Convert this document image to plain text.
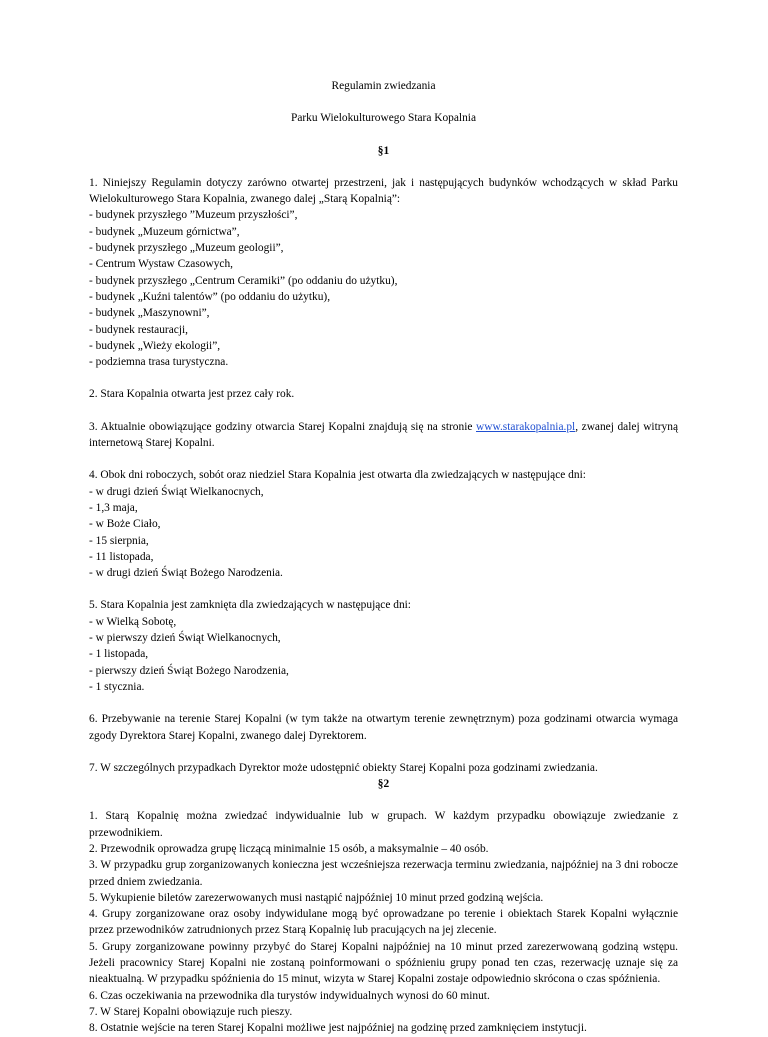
Regulamin zwiedzania
Parku Wielokulturowego Stara Kopalnia
§1

1. Niniejszy Regulamin dotyczy zarówno otwartej przestrzeni, jak i następujących budynków wchodzących w skład Parku Wielokulturowego Stara Kopalnia, zwanego dalej „Starą Kopalnią”:
- budynek przyszłego ”Muzeum przyszłości”,
- budynek „Muzeum górnictwa”,
- budynek przyszłego „Muzeum geologii”,
- Centrum Wystaw Czasowych,
- budynek przyszłego „Centrum Ceramiki” (po oddaniu do użytku),
- budynek „Kuźni talentów” (po oddaniu do użytku),
- budynek „Maszynowni”,
- budynek restauracji,
- budynek „Wieży ekologii”,
- podziemna trasa turystyczna.

2. Stara Kopalnia otwarta jest przez cały rok.

3. Aktualnie obowiązujące godziny otwarcia Starej Kopalni znajdują się na stronie www.starakopalnia.pl, zwanej dalej witryną internetową Starej Kopalni.

4. Obok dni roboczych, sobót oraz niedziel Stara Kopalnia jest otwarta dla zwiedzających w następujące dni:
- w drugi dzień Świąt Wielkanocnych,
- 1,3 maja,
- w Boże Ciało,
- 15 sierpnia,
- 11 listopada,
- w drugi dzień Świąt Bożego Narodzenia.

5. Stara Kopalnia jest zamknięta dla zwiedzających w następujące dni:
- w Wielką Sobotę,
- w pierwszy dzień Świąt Wielkanocnych,
- 1 listopada,
- pierwszy dzień Świąt Bożego Narodzenia,
- 1 stycznia.

6. Przebywanie na terenie Starej Kopalni (w tym także na otwartym terenie zewnętrznym) poza godzinami otwarcia wymaga zgody Dyrektora Starej Kopalni, zwanego dalej Dyrektorem.

7. W szczególnych przypadkach Dyrektor może udostępnić obiekty Starej Kopalni poza godzinami zwiedzania.

§2

1. Starą Kopalnię można zwiedzać indywidualnie lub w grupach. W każdym przypadku obowiązuje zwiedzanie z przewodnikiem.

2. Przewodnik oprowadza grupę liczącą minimalnie 15 osób, a maksymalnie – 40 osób.

3. W przypadku grup zorganizowanych konieczna jest wcześniejsza rezerwacja terminu zwiedzania, najpóźniej na 3 dni robocze przed dniem zwiedzania.

5. Wykupienie biletów zarezerwowanych musi nastąpić najpóźniej 10 minut przed godziną wejścia.

4. Grupy zorganizowane oraz osoby indywidulane mogą być oprowadzane po terenie i obiektach Starek Kopalni wyłącznie przez przewodników zatrudnionych przez Starą Kopalnię lub pracujących na jej zlecenie.

5. Grupy zorganizowane powinny przybyć do Starej Kopalni najpóźniej na 10 minut przed zarezerwowaną godziną wstępu. Jeżeli pracownicy Starej Kopalni nie zostaną poinformowani o spóźnieniu grupy ponad ten czas, rezerwację uznaje się za nieaktualną. W przypadku spóźnienia do 15 minut, wizyta w Starej Kopalni zostaje odpowiednio skrócona o czas spóźnienia.

6. Czas oczekiwania na przewodnika dla turystów indywidualnych wynosi do 60 minut.

7. W Starej Kopalni obowiązuje ruch pieszy.

8. Ostatnie wejście na teren Starej Kopalni możliwe jest najpóźniej na godzinę przed zamknięciem instytucji.
